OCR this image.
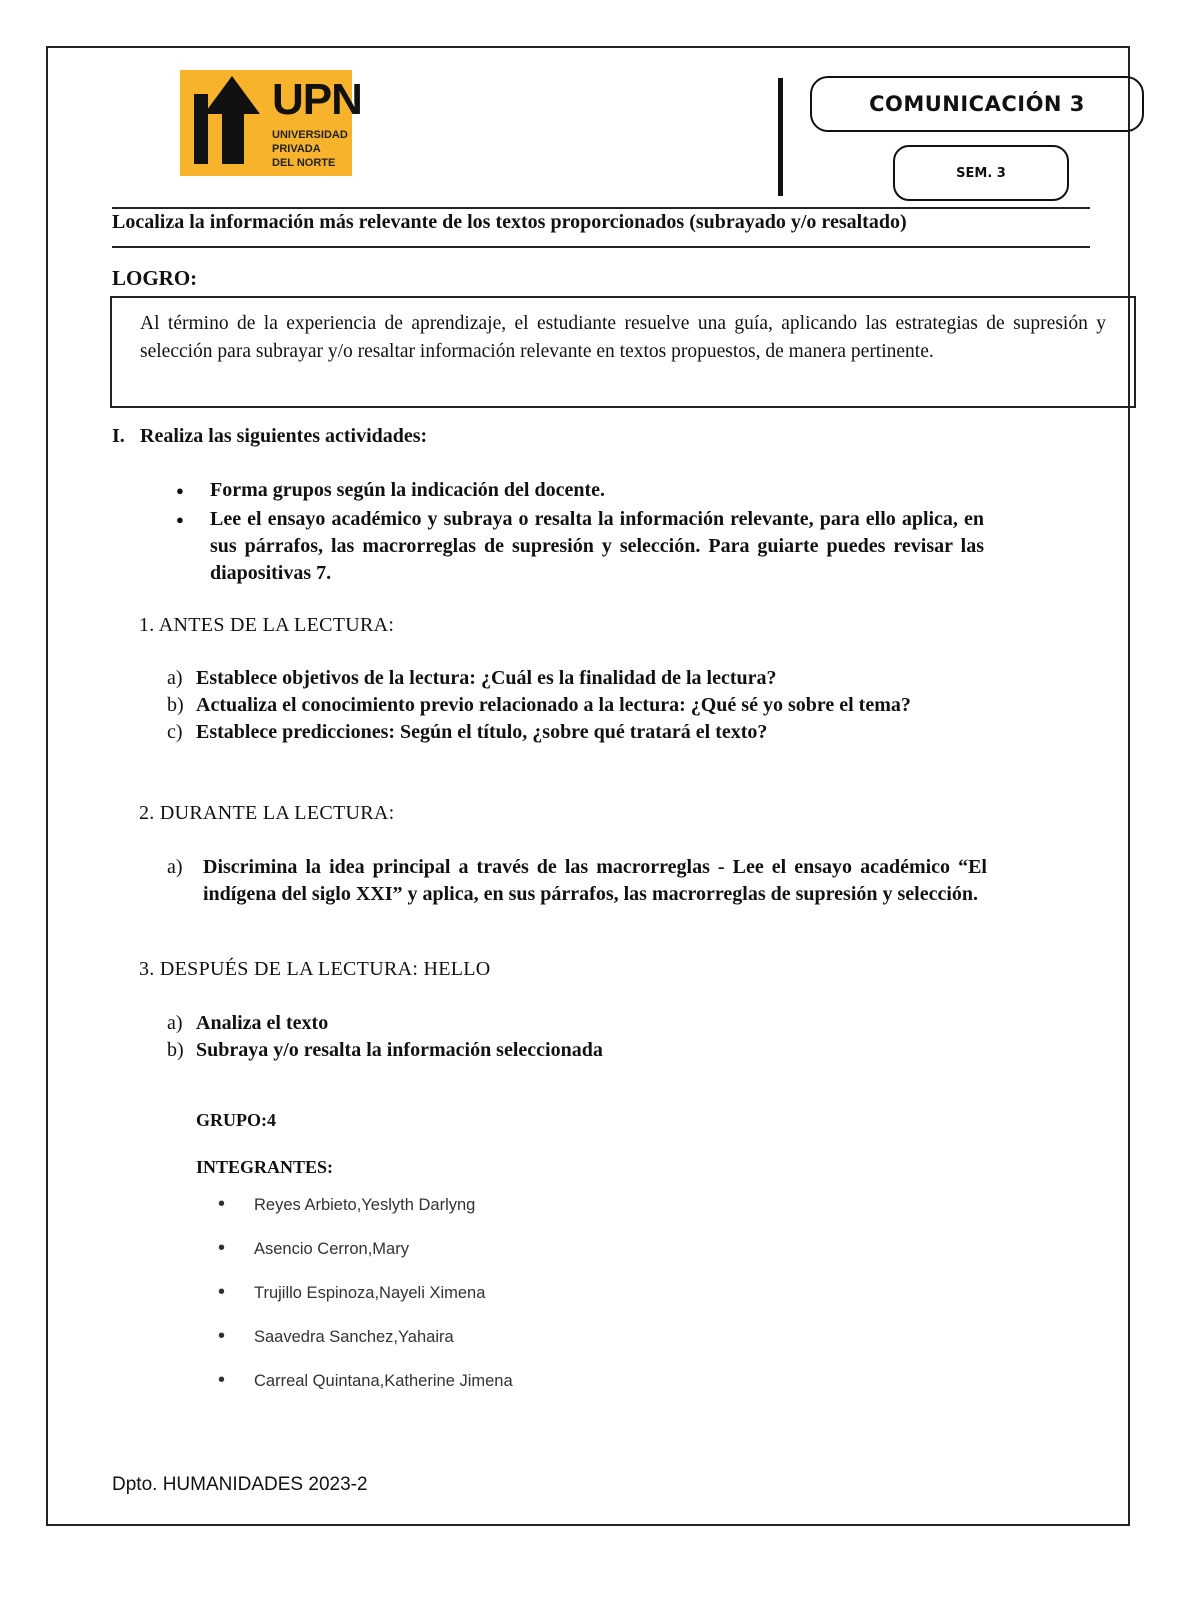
UPN
UNIVERSIDAD
PRIVADA
DEL NORTE
COMUNICACIÓN 3
SEM. 3
Localiza la información más relevante de los textos proporcionados (subrayado y/o resaltado)
LOGRO:
Al término de la experiencia de aprendizaje, el estudiante resuelve una guía, aplicando las estrategias de supresión y selección para subrayar y/o resaltar información relevante en textos propuestos, de manera pertinente.
I. Realiza las siguientes actividades:
● Forma grupos según la indicación del docente.
● Lee el ensayo académico y subraya o resalta la información relevante, para ello aplica, en sus párrafos, las macrorreglas de supresión y selección. Para guiarte puedes revisar las diapositivas 7.
1. ANTES DE LA LECTURA:
a) Establece objetivos de la lectura: ¿Cuál es la finalidad de la lectura?
b) Actualiza el conocimiento previo relacionado a la lectura: ¿Qué sé yo sobre el tema?
c) Establece predicciones: Según el título, ¿sobre qué tratará el texto?
2. DURANTE LA LECTURA:
a) Discrimina la idea principal a través de las macrorreglas - Lee el ensayo académico “El indígena del siglo XXI” y aplica, en sus párrafos, las macrorreglas de supresión y selección.
3. DESPUÉS DE LA LECTURA: HELLO
a) Analiza el texto
b) Subraya y/o resalta la información seleccionada
GRUPO:4
INTEGRANTES:
• Reyes Arbieto,Yeslyth Darlyng
• Asencio Cerron,Mary
• Trujillo Espinoza,Nayeli Ximena
• Saavedra Sanchez,Yahaira
• Carreal Quintana,Katherine Jimena
Dpto. HUMANIDADES 2023-2
